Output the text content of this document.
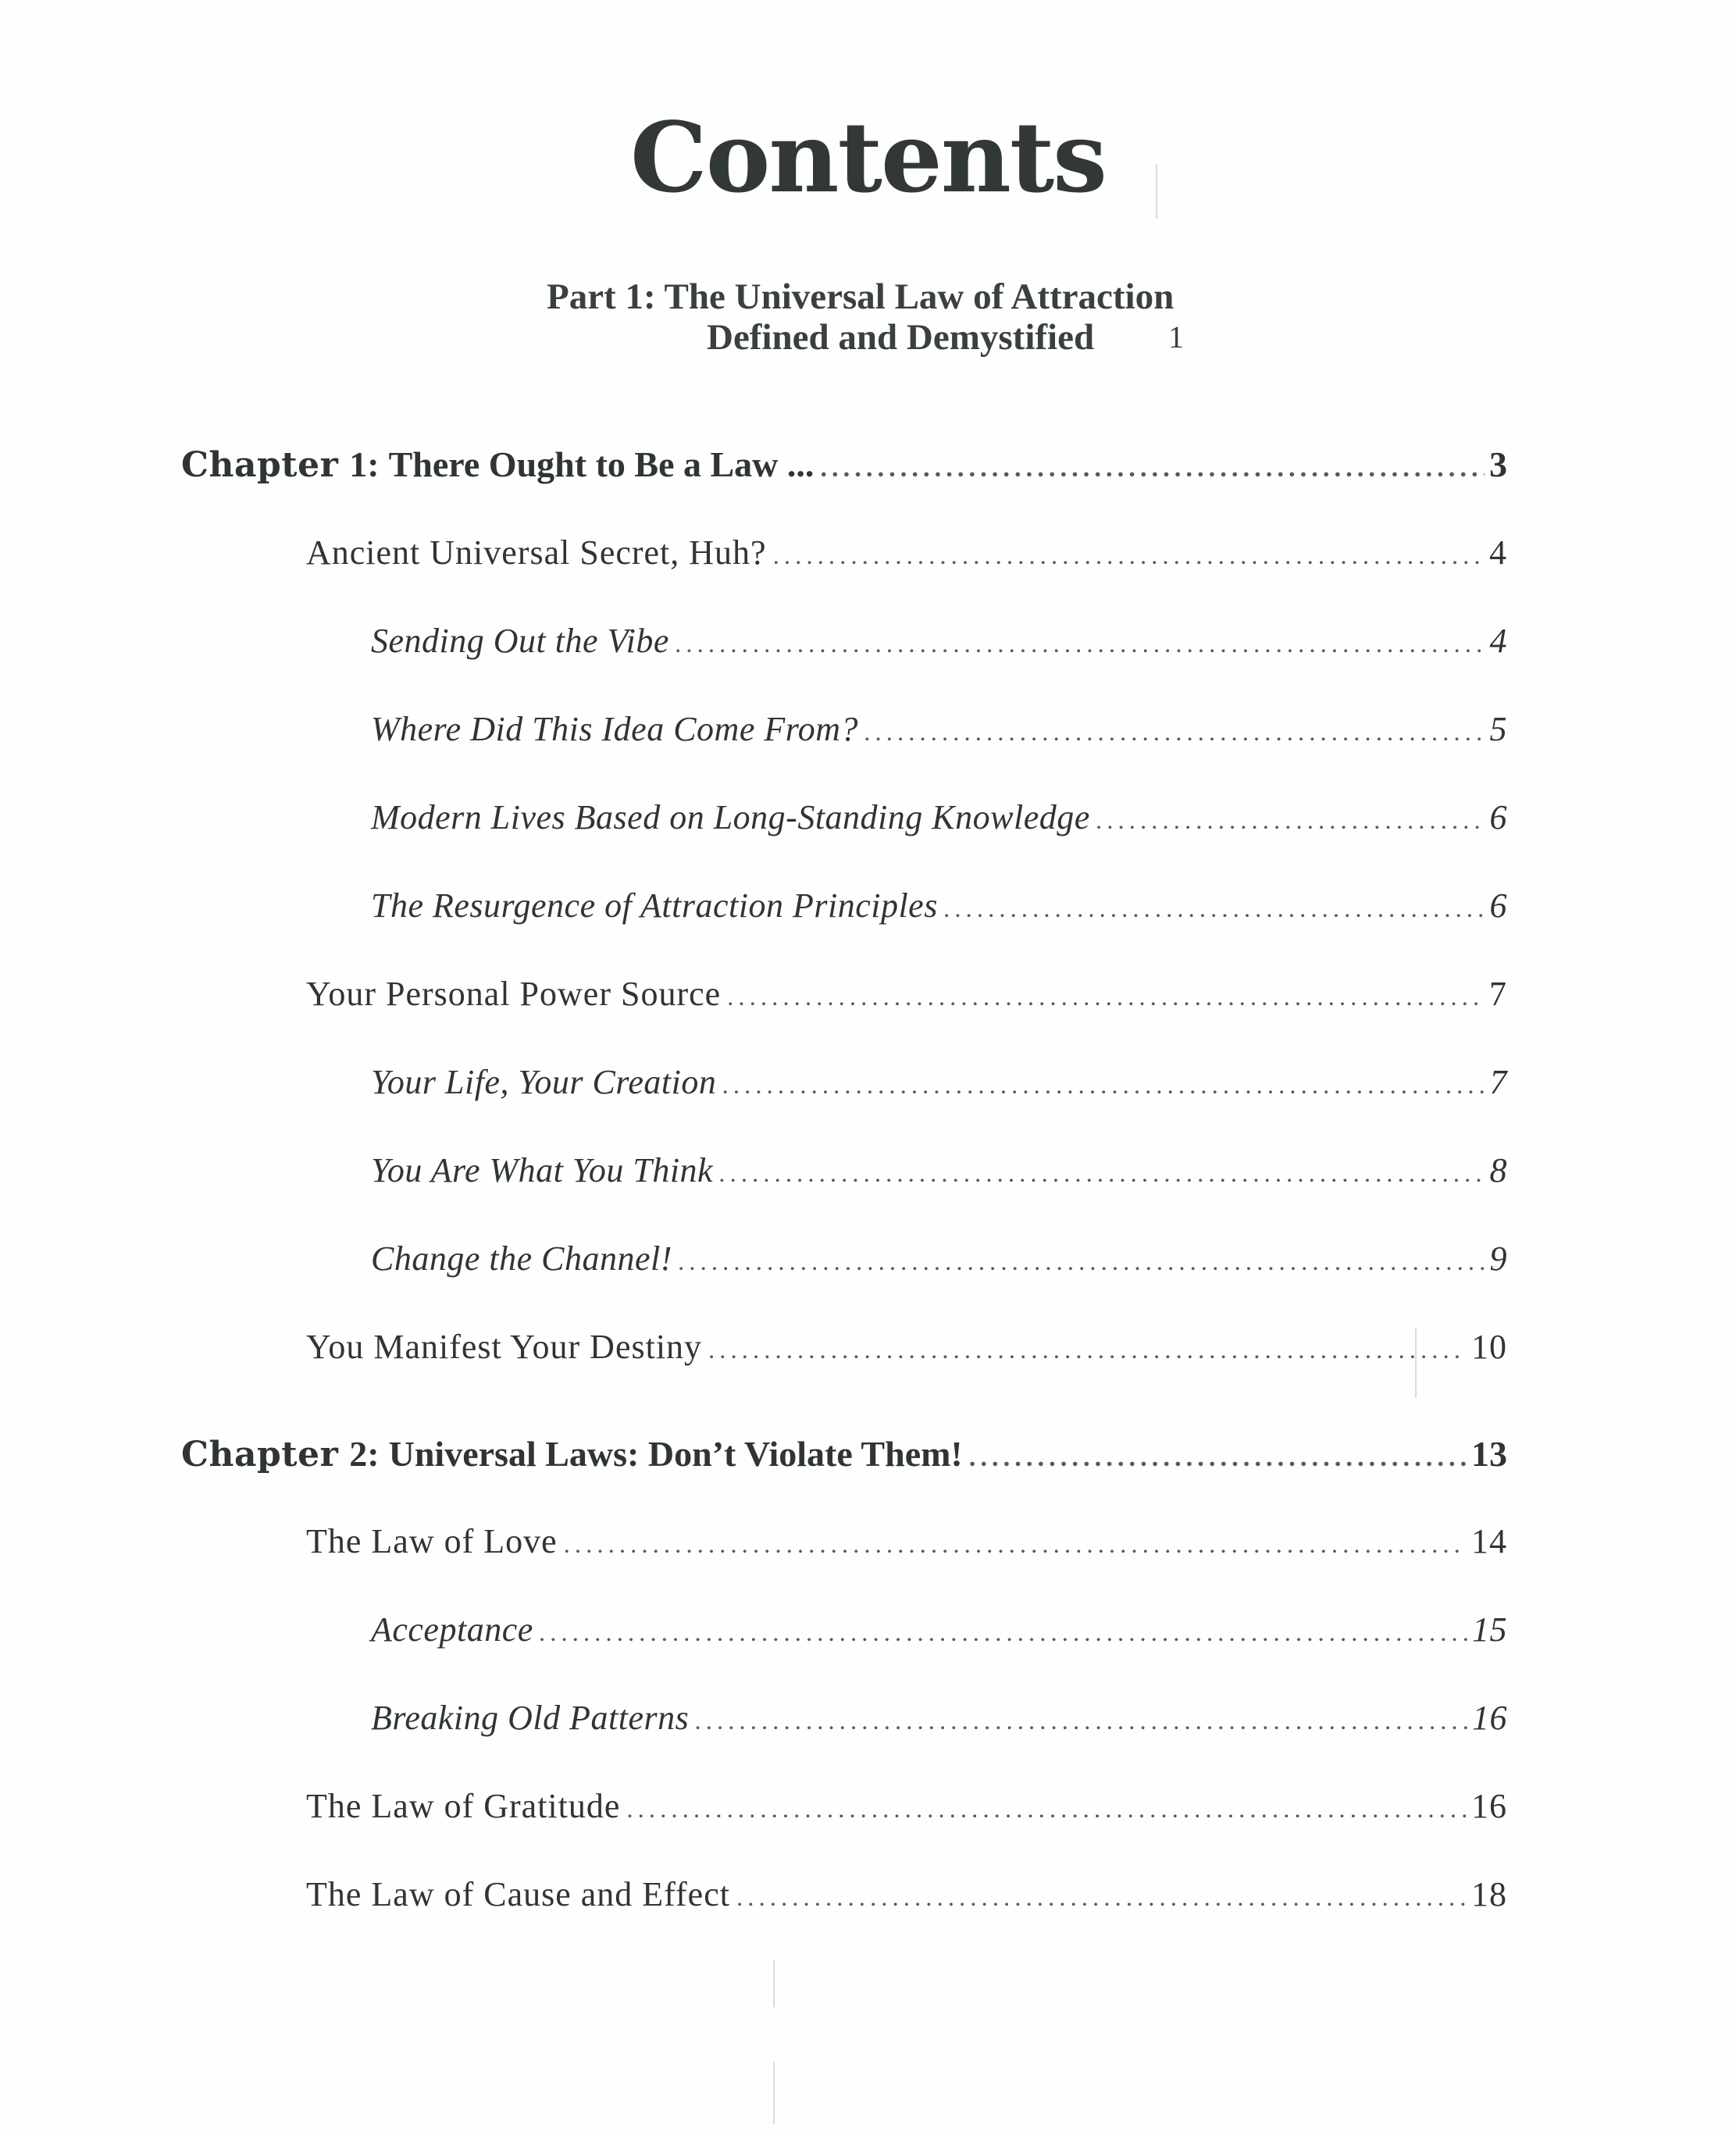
Contents
Part 1: The Universal Law of Attraction
Defined and Demystified 1
Chapter 1: There Ought to Be a Law ... .....	3
Ancient Universal Secret, Huh? .....	4
Sending Out the Vibe .....	4
Where Did This Idea Come From? .....	5
Modern Lives Based on Long-Standing Knowledge .....	6
The Resurgence of Attraction Principles .....	6
Your Personal Power Source .....	7
Your Life, Your Creation .....	7
You Are What You Think .....	8
Change the Channel! .....	9
You Manifest Your Destiny .....	10
Chapter 2: Universal Laws: Don’t Violate Them! .....	13
The Law of Love .....	14
Acceptance .....	15
Breaking Old Patterns .....	16
The Law of Gratitude .....	16
The Law of Cause and Effect .....	18
